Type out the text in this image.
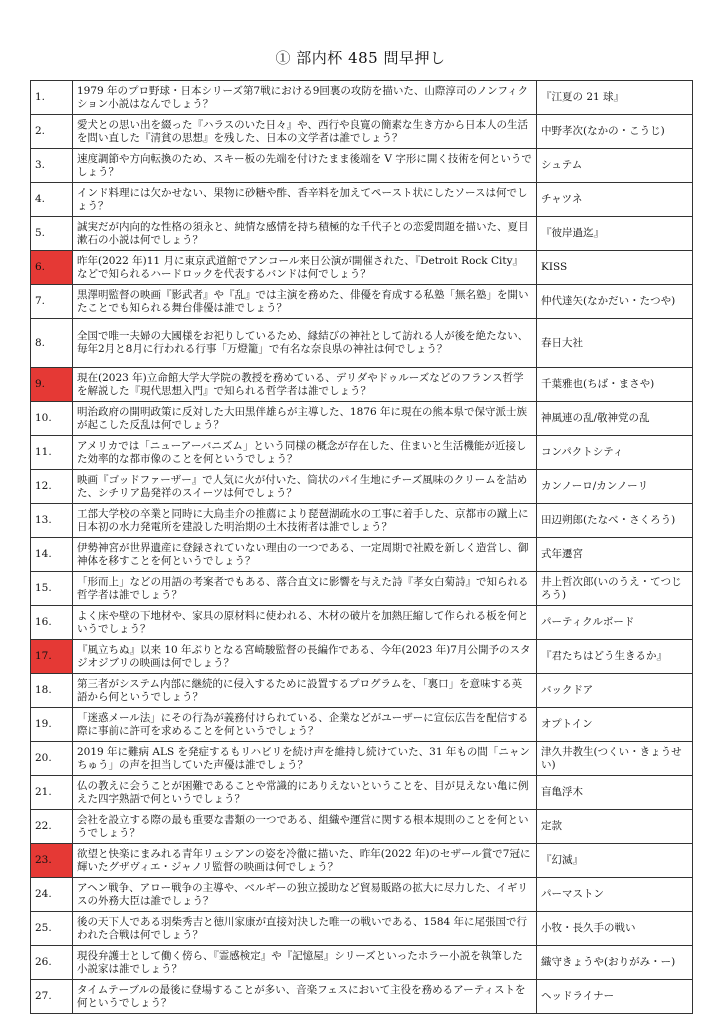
① 部内杯 485 問早押し
1.	1979 年のプロ野球・日本シリーズ第7戦における9回裏の攻防を描いた、山際淳司のノンフィクション小説はなんでしょう？	『江夏の 21 球』
2.	愛犬との思い出を綴った『ハラスのいた日々』や、西行や良寛の簡素な生き方から日本人の生活を問い直した『清貧の思想』を残した、日本の文学者は誰でしょう？	中野孝次(なかの・こうじ)
3.	速度調節や方向転換のため、スキー板の先端を付けたまま後端を V 字形に開く技術を何というでしょう？	シュテム
4.	インド料理には欠かせない、果物に砂糖や酢、香辛料を加えてペースト状にしたソースは何でしょう？	チャツネ
5.	誠実だが内向的な性格の須永と、純情な感情を持ち積極的な千代子との恋愛問題を描いた、夏目漱石の小説は何でしょう？	『彼岸過迄』
6.	昨年(2022 年)11 月に東京武道館でアンコール来日公演が開催された、『Detroit Rock City』などで知られるハードロックを代表するバンドは何でしょう？	KISS
7.	黒澤明監督の映画『影武者』や『乱』では主演を務めた、俳優を育成する私塾「無名塾」を開いたことでも知られる舞台俳優は誰でしょう？	仲代達矢(なかだい・たつや)
8.	全国で唯一夫婦の大國様をお祀りしているため、縁結びの神社として訪れる人が後を絶たない、毎年2月と8月に行われる行事「万燈籠」で有名な奈良県の神社は何でしょう？	春日大社
9.	現在(2023 年)立命館大学大学院の教授を務めている、デリダやドゥルーズなどのフランス哲学を解説した『現代思想入門』で知られる哲学者は誰でしょう？	千葉雅也(ちば・まさや)
10.	明治政府の開明政策に反対した大田黒伴雄らが主導した、1876 年に現在の熊本県で保守派士族が起こした反乱は何でしょう？	神風連の乱/敬神党の乱
11.	アメリカでは「ニューアーバニズム」という同様の概念が存在した、住まいと生活機能が近接した効率的な都市像のことを何というでしょう？	コンパクトシティ
12.	映画『ゴッドファーザー』で人気に火が付いた、筒状のパイ生地にチーズ風味のクリームを詰めた、シチリア島発祥のスイーツは何でしょう？	カンノーロ/カンノーリ
13.	工部大学校の卒業と同時に大鳥圭介の推薦により琵琶湖疏水の工事に着手した、京都市の蹴上に日本初の水力発電所を建設した明治期の土木技術者は誰でしょう？	田辺朔郎(たなべ・さくろう)
14.	伊勢神宮が世界遺産に登録されていない理由の一つである、一定周期で社殿を新しく造営し、御神体を移すことを何というでしょう？	式年遷宮
15.	「形而上」などの用語の考案者でもある、落合直文に影響を与えた詩『孝女白菊詩』で知られる哲学者は誰でしょう？	井上哲次郎(いのうえ・てつじろう)
16.	よく床や壁の下地材や、家具の原材料に使われる、木材の破片を加熱圧縮して作られる板を何というでしょう？	パーティクルボード
17.	『風立ちぬ』以来 10 年ぶりとなる宮崎駿監督の長編作である、今年(2023 年)7月公開予のスタジオジブリの映画は何でしょう？	『君たちはどう生きるか』
18.	第三者がシステム内部に継続的に侵入するために設置するプログラムを、「裏口」を意味する英語から何というでしょう？	バックドア
19.	「迷惑メール法」にその行為が義務付けられている、企業などがユーザーに宣伝広告を配信する際に事前に許可を求めることを何というでしょう？	オプトイン
20.	2019 年に難病 ALS を発症するもリハビリを続け声を維持し続けていた、31 年もの間「ニャンちゅう」の声を担当していた声優は誰でしょう？	津久井教生(つくい・きょうせい)
21.	仏の教えに会うことが困難であることや常識的にありえないということを、目が見えない亀に例えた四字熟語で何というでしょう？	盲亀浮木
22.	会社を設立する際の最も重要な書類の一つである、組織や運営に関する根本規則のことを何というでしょう？	定款
23.	欲望と快楽にまみれる青年リュシアンの姿を冷徹に描いた、昨年(2022 年)のセザール賞で7冠に輝いたグザヴィエ・ジャノリ監督の映画は何でしょう？	『幻滅』
24.	アヘン戦争、アロー戦争の主導や、ベルギーの独立援助など貿易販路の拡大に尽力した、イギリスの外務大臣は誰でしょう？	パーマストン
25.	後の天下人である羽柴秀吉と徳川家康が直接対決した唯一の戦いである、1584 年に尾張国で行われた合戦は何でしょう？	小牧・長久手の戦い
26.	現役弁護士として働く傍ら、『霊感検定』や『記憶屋』シリーズといったホラー小説を執筆した小説家は誰でしょう？	織守きょうや(おりがみ・ー)
27.	タイムテーブルの最後に登場することが多い、音楽フェスにおいて主役を務めるアーティストを何というでしょう？	ヘッドライナー
